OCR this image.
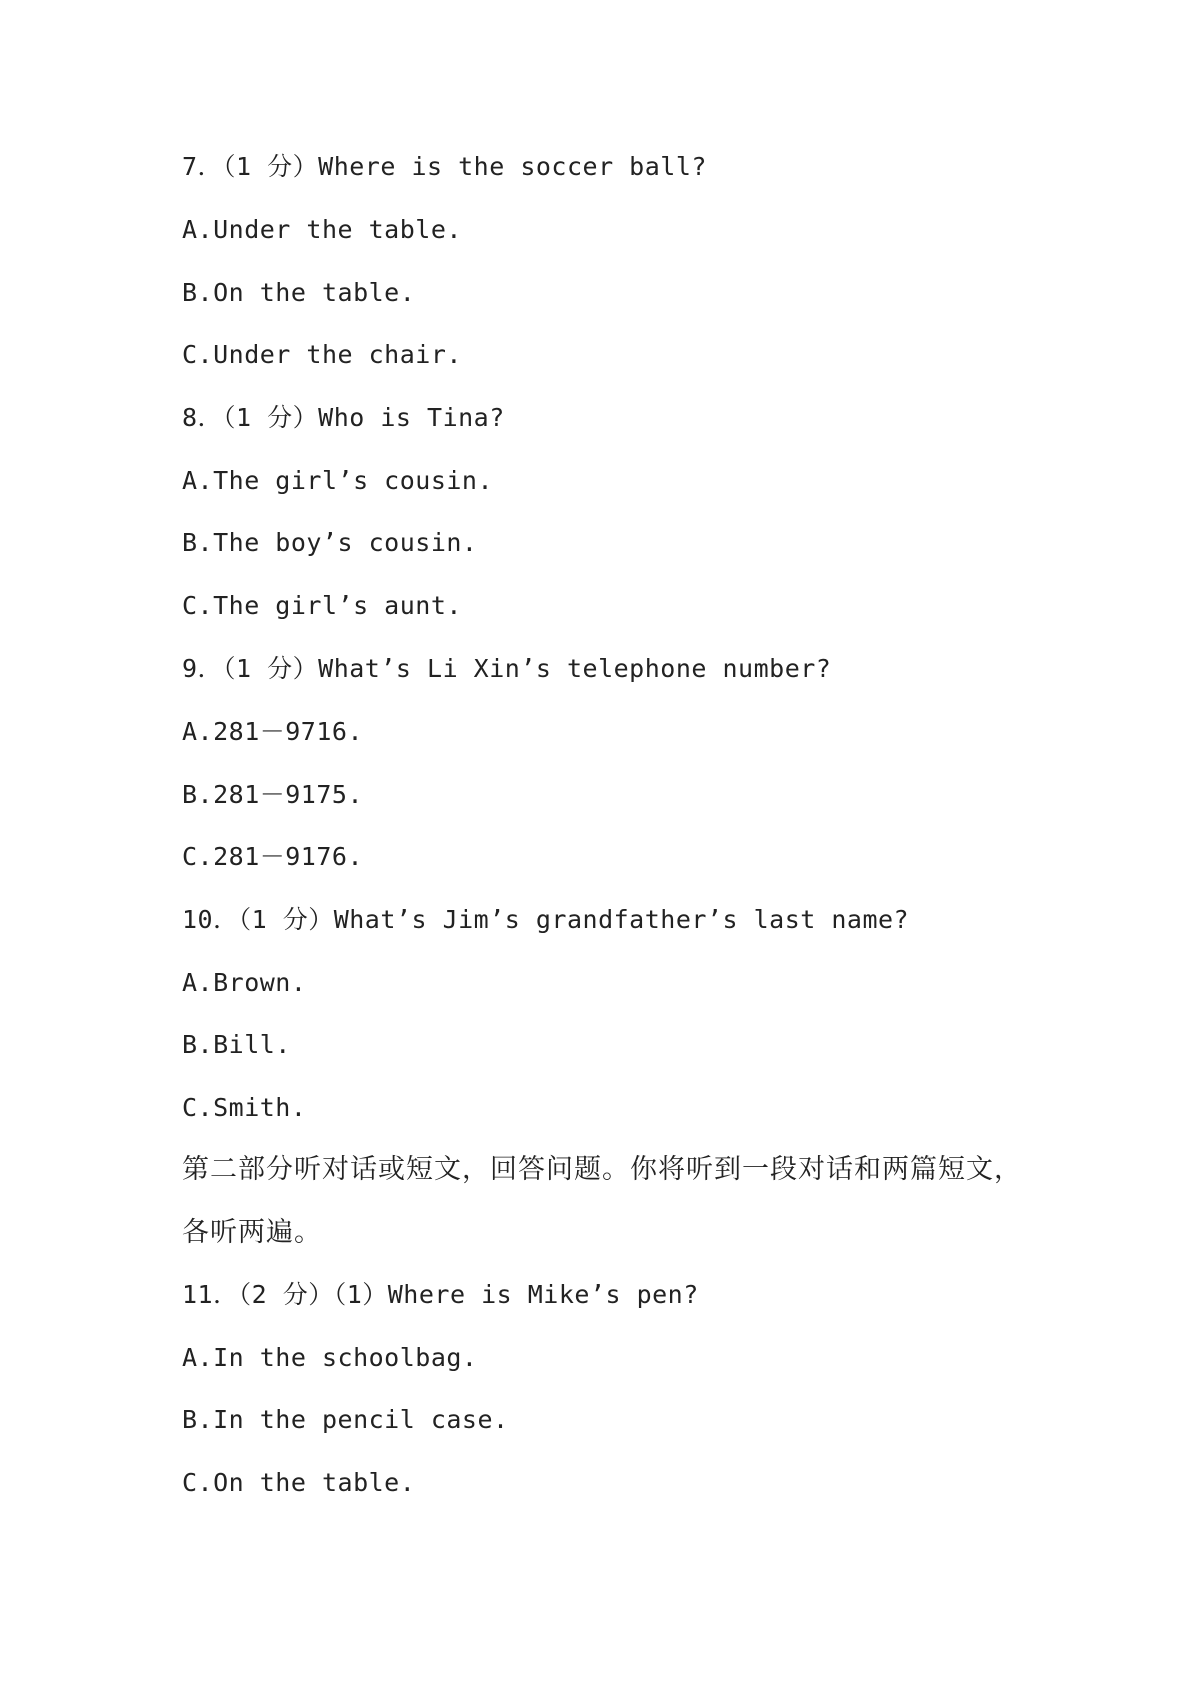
7．（1 分）Where is the soccer ball?
A.Under the table.
B.On the table.
C.Under the chair.
8．（1 分）Who is Tina?
A.The girl’s cousin.
B.The boy’s cousin.
C.The girl’s aunt.
9．（1 分）What’s Li Xin’s telephone number?
A.281－9716.
B.281－9175.
C.281－9176.
10．（1 分）What’s Jim’s grandfather’s last name?
A.Brown.
B.Bill.
C.Smith.
第二部分听对话或短文，回答问题。你将听到一段对话和两篇短文，
各听两遍。
11．（2 分）（1）Where is Mike’s pen?
A.In the schoolbag.
B.In the pencil case.
C.On the table.
